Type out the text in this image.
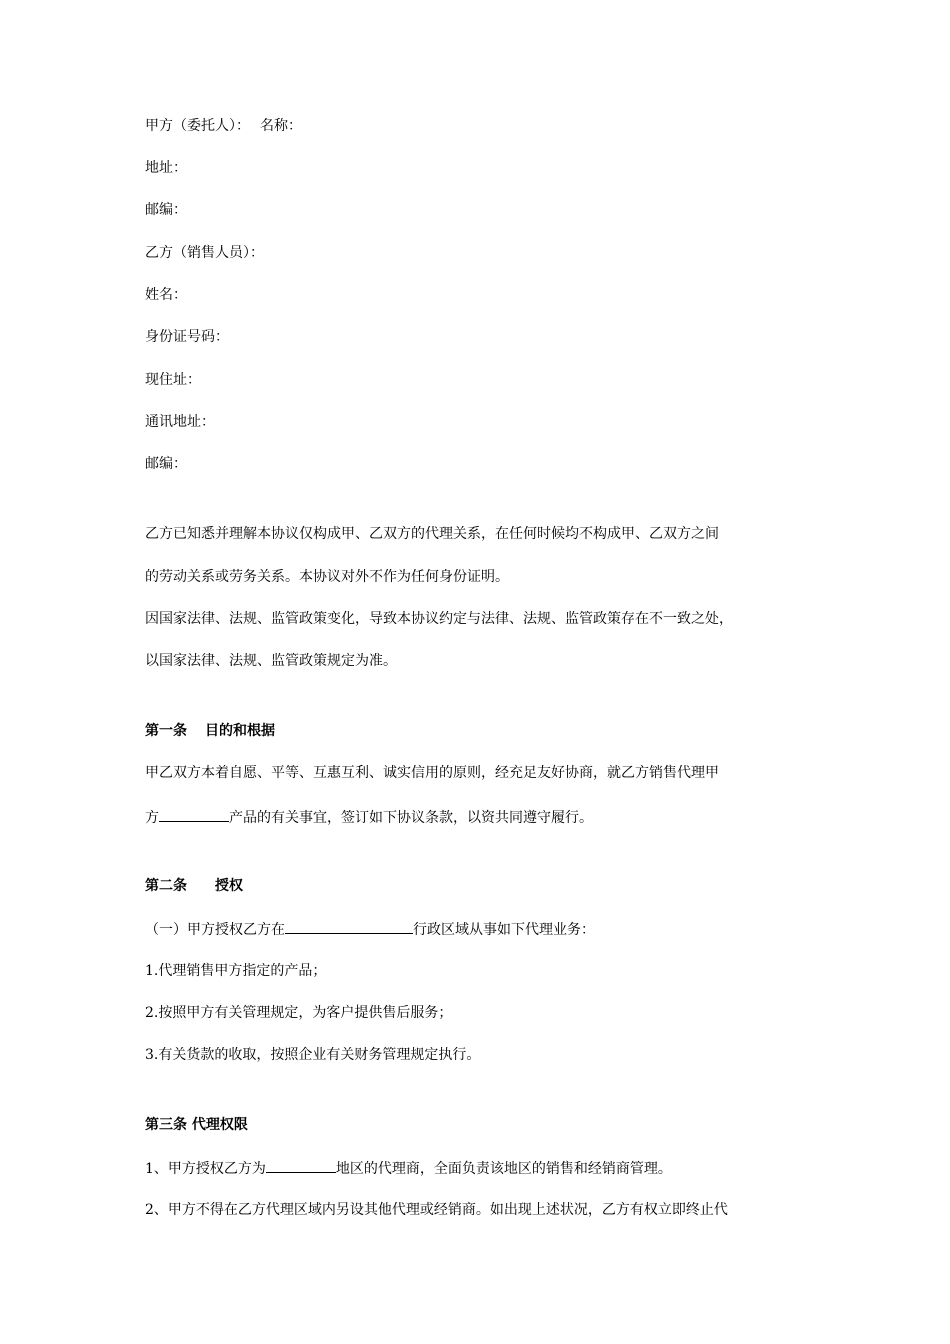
甲方（委托人）： 名称：
地址：
邮编：
乙方（销售人员）：
姓名：
身份证号码：
现住址：
通讯地址：
邮编：
乙方已知悉并理解本协议仅构成甲、乙双方的代理关系，在任何时候均不构成甲、乙双方之间
的劳动关系或劳务关系。本协议对外不作为任何身份证明。
因国家法律、法规、监管政策变化，导致本协议约定与法律、法规、监管政策存在不一致之处，
以国家法律、法规、监管政策规定为准。
第一条 目的和根据
甲乙双方本着自愿、平等、互惠互利、诚实信用的原则，经充足友好协商，就乙方销售代理甲
方	产品的有关事宜，签订如下协议条款，以资共同遵守履行。
第二条 授权
（一）甲方授权乙方在	行政区域从事如下代理业务：
1.代理销售甲方指定的产品；
2.按照甲方有关管理规定，为客户提供售后服务；
3.有关货款的收取，按照企业有关财务管理规定执行。
第三条 代理权限
1、甲方授权乙方为	地区的代理商，全面负责该地区的销售和经销商管理。
2、甲方不得在乙方代理区域内另设其他代理或经销商。如出现上述状况，乙方有权立即终止代
